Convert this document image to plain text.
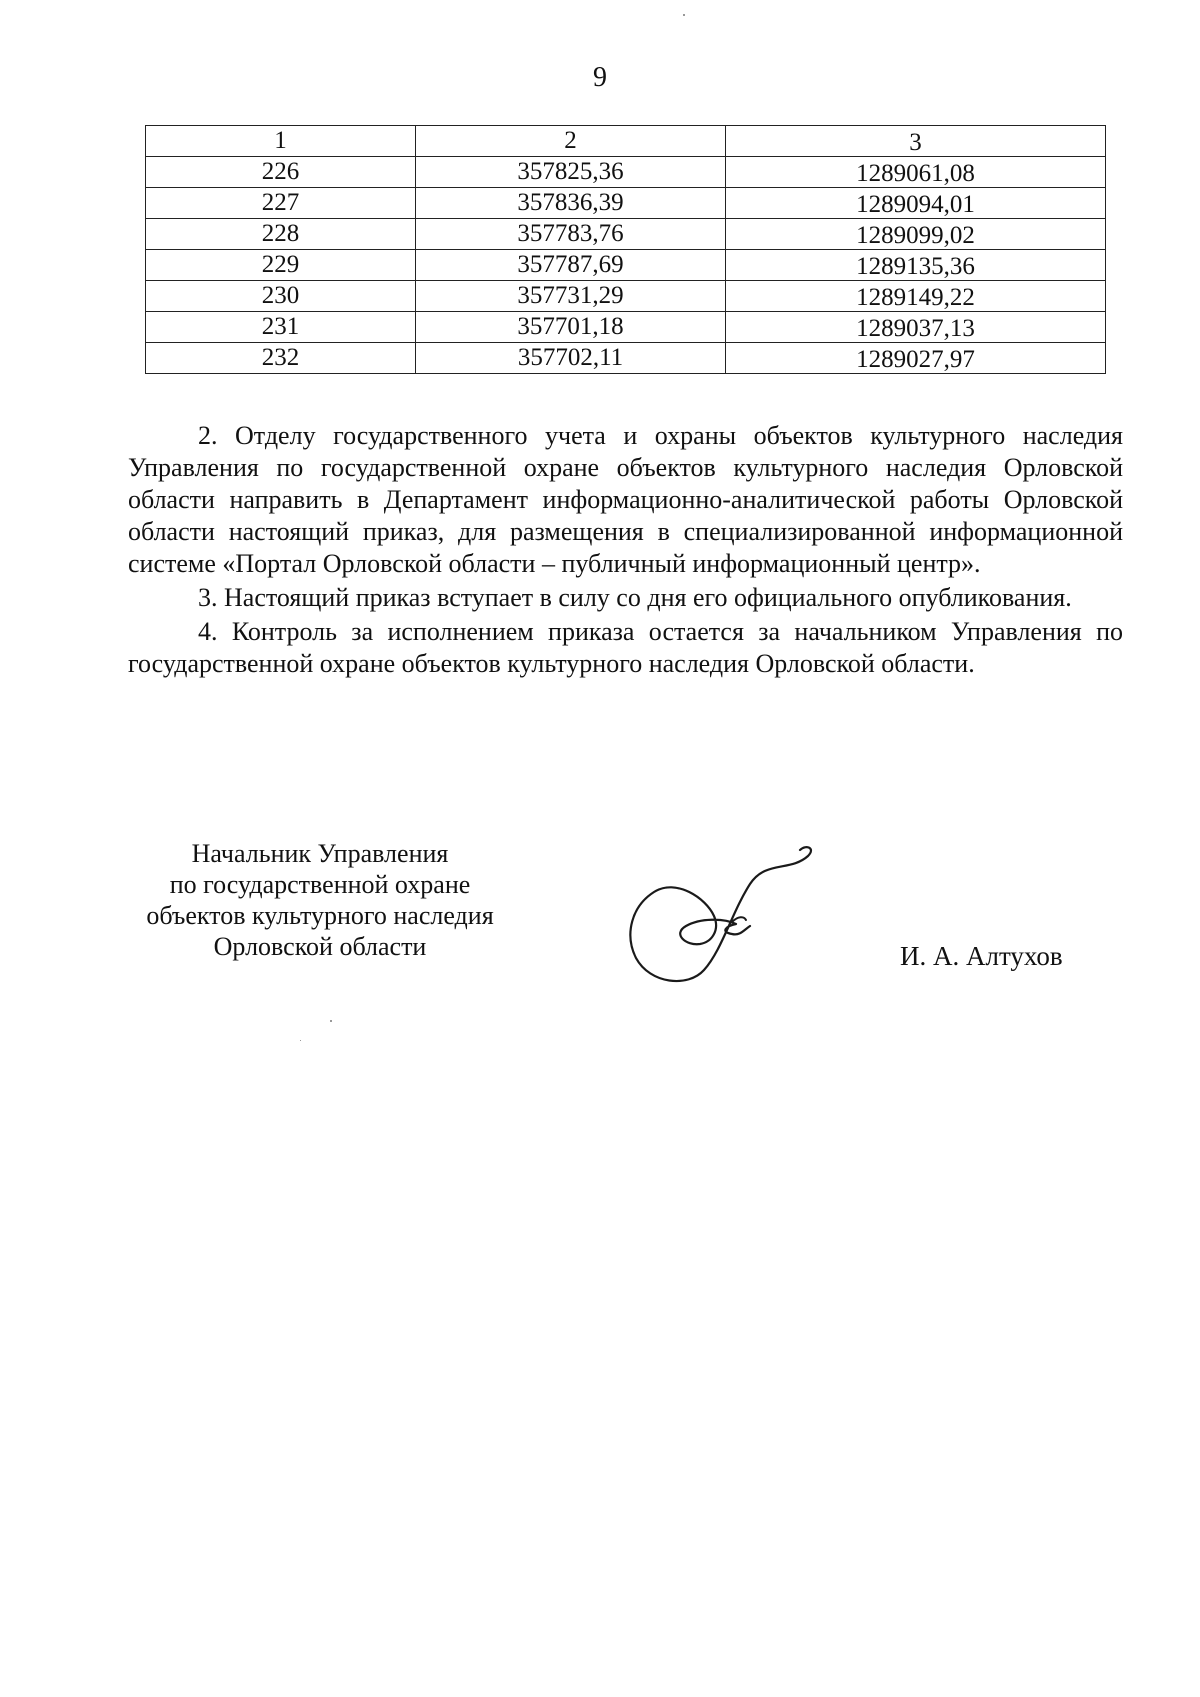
9
1	2	3
226	357825,36	1289061,08
227	357836,39	1289094,01
228	357783,76	1289099,02
229	357787,69	1289135,36
230	357731,29	1289149,22
231	357701,18	1289037,13
232	357702,11	1289027,97

2. Отделу государственного учета и охраны объектов культурного наследия Управления по государственной охране объектов культурного наследия Орловской области направить в Департамент информационно-аналитической работы Орловской области настоящий приказ, для размещения в специализированной информационной системе «Портал Орловской области – публичный информационный центр».

3. Настоящий приказ вступает в силу со дня его официального опубликования.

4. Контроль за исполнением приказа остается за начальником Управления по государственной охране объектов культурного наследия Орловской области.

Начальник Управления
по государственной охране
объектов культурного наследия
Орловской области	И. А. Алтухов
